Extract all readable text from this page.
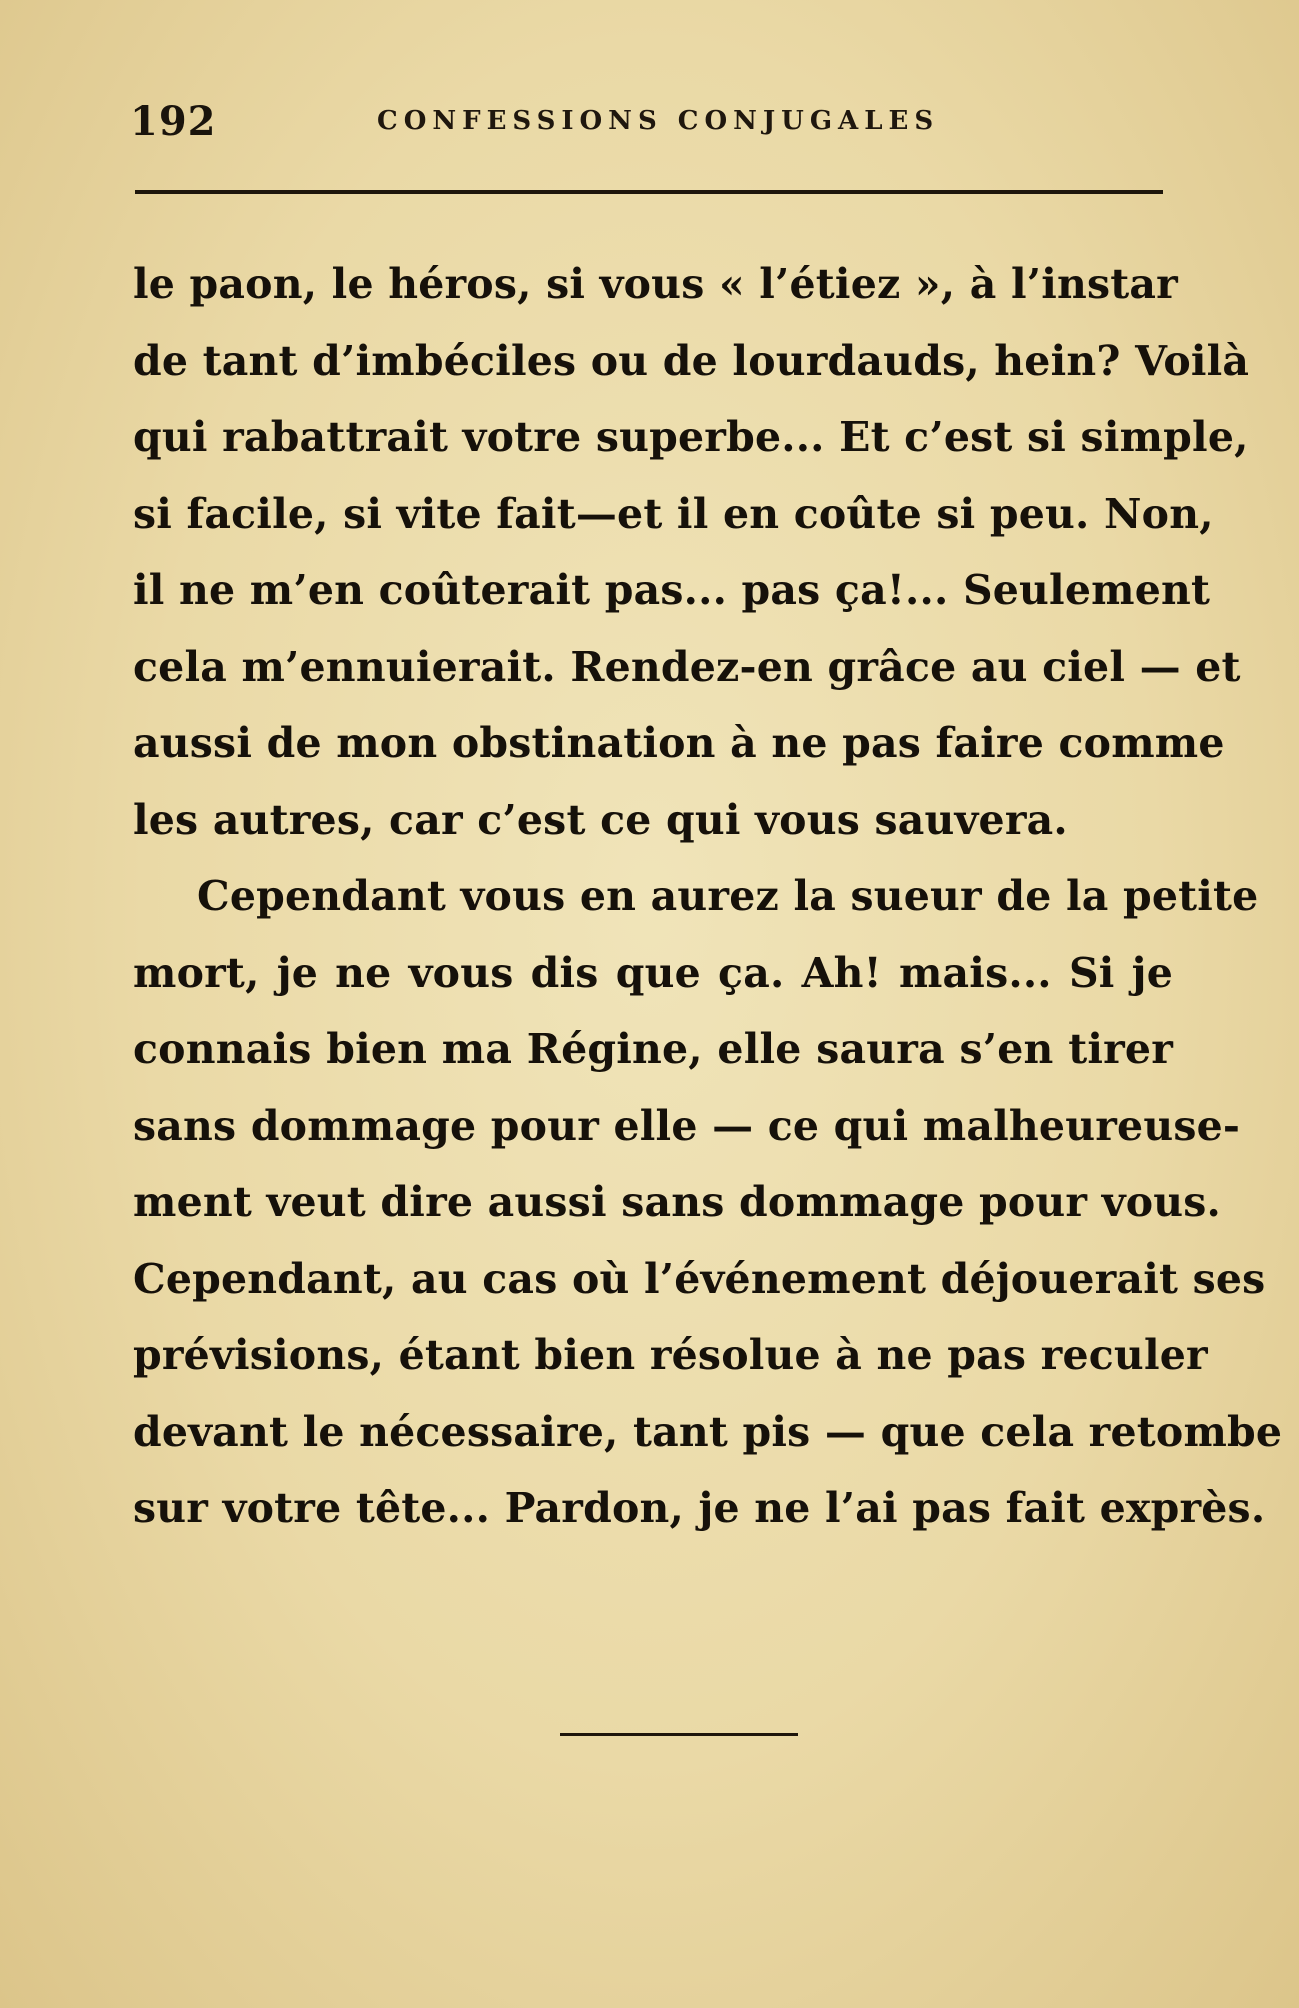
192	CONFESSIONS CONJUGALES
le paon, le héros, si vous « l’étiez », à l’instar
de tant d’imbéciles ou de lourdauds, hein? Voilà
qui rabattrait votre superbe... Et c’est si simple,
si facile, si vite fait—et il en coûte si peu. Non,
il ne m’en coûterait pas... pas ça!... Seulement
cela m’ennuierait. Rendez-en grâce au ciel — et
aussi de mon obstination à ne pas faire comme
les autres, car c’est ce qui vous sauvera.
Cependant vous en aurez la sueur de la petite
mort, je ne vous dis que ça. Ah! mais... Si je
connais bien ma Régine, elle saura s’en tirer
sans dommage pour elle — ce qui malheureuse-
ment veut dire aussi sans dommage pour vous.
Cependant, au cas où l’événement déjouerait ses
prévisions, étant bien résolue à ne pas reculer
devant le nécessaire, tant pis — que cela retombe
sur votre tête... Pardon, je ne l’ai pas fait exprès.
